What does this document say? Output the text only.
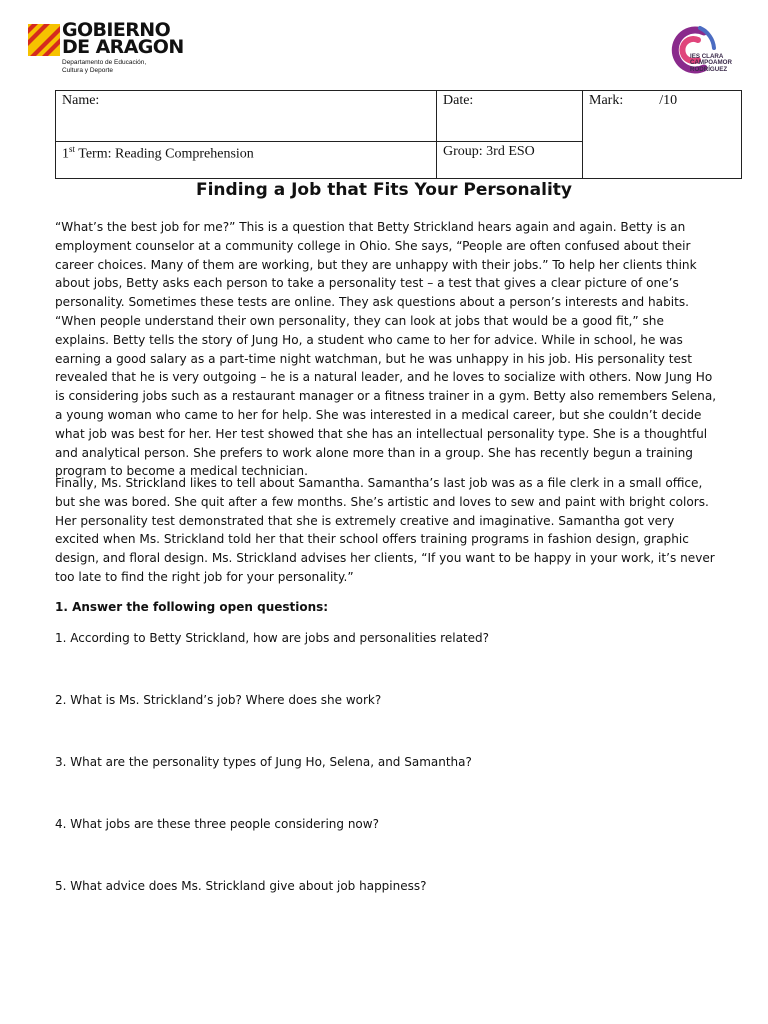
GOBIERNO
DE ARAGON
Departamento de Educación,
Cultura y Deporte
IES CLARA
CAMPOAMOR
RODRÍGUEZ
Name:	Date:	Mark: /10
1st Term: Reading Comprehension	Group: 3rd ESO	
Finding a Job that Fits Your Personality

“What’s the best job for me?” This is a question that Betty Strickland hears again and again. Betty is an employment counselor at a community college in Ohio. She says, “People are often confused about their career choices. Many of them are working, but they are unhappy with their jobs.” To help her clients think about jobs, Betty asks each person to take a personality test – a test that gives a clear picture of one’s personality. Sometimes these tests are online. They ask questions about a person’s interests and habits. “When people understand their own personality, they can look at jobs that would be a good fit,” she explains. Betty tells the story of Jung Ho, a student who came to her for advice. While in school, he was earning a good salary as a part-time night watchman, but he was unhappy in his job. His personality test revealed that he is very outgoing – he is a natural leader, and he loves to socialize with others. Now Jung Ho is considering jobs such as a restaurant manager or a fitness trainer in a gym. Betty also remembers Selena, a young woman who came to her for help. She was interested in a medical career, but she couldn’t decide what job was best for her. Her test showed that she has an intellectual personality type. She is a thoughtful and analytical person. She prefers to work alone more than in a group. She has recently begun a training program to become a medical technician.

Finally, Ms. Strickland likes to tell about Samantha. Samantha’s last job was as a file clerk in a small office, but she was bored. She quit after a few months. She’s artistic and loves to sew and paint with bright colors. Her personality test demonstrated that she is extremely creative and imaginative. Samantha got very excited when Ms. Strickland told her that their school offers training programs in fashion design, graphic design, and floral design. Ms. Strickland advises her clients, “If you want to be happy in your work, it’s never too late to find the right job for your personality.”

1. Answer the following open questions:
1. According to Betty Strickland, how are jobs and personalities related?
2. What is Ms. Strickland’s job? Where does she work?
3. What are the personality types of Jung Ho, Selena, and Samantha?
4. What jobs are these three people considering now?
5. What advice does Ms. Strickland give about job happiness?
